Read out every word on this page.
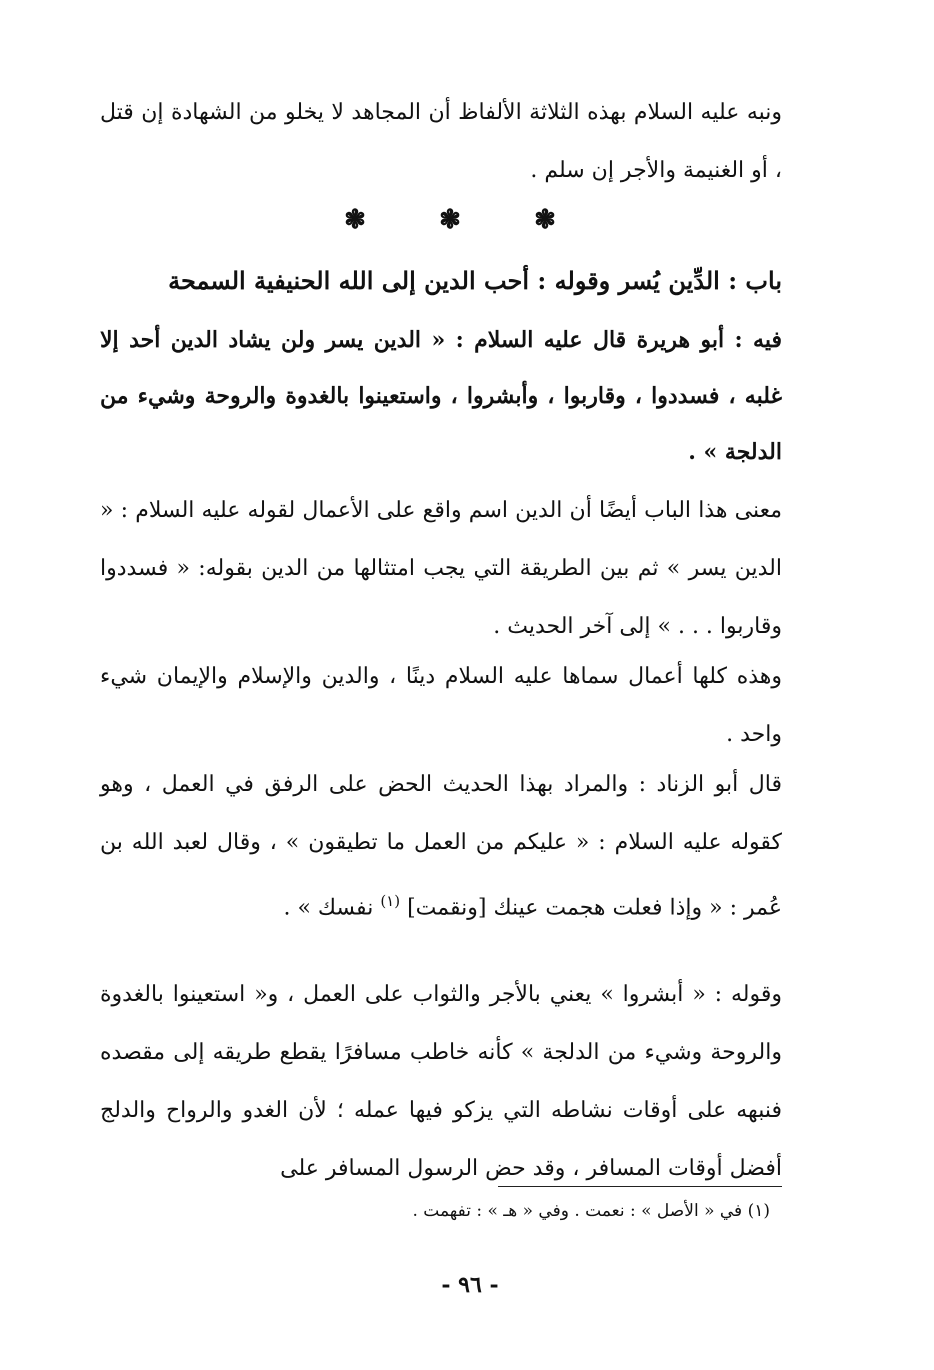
ونبه عليه السلام بهذه الثلاثة الألفاظ أن المجاهد لا يخلو من الشهادة إن قتل ، أو الغنيمة والأجر إن سلم .

❃	❃	❃
باب : الدِّين يُسر وقوله : أحب الدين إلى الله الحنيفية السمحة

فيه : أبو هريرة قال عليه السلام : « الدين يسر ولن يشاد الدين أحد إلا غلبه ، فسددوا ، وقاربوا ، وأبشروا ، واستعينوا بالغدوة والروحة وشيء من الدلجة » .

معنى هذا الباب أيضًا أن الدين اسم واقع على الأعمال لقوله عليه السلام : « الدين يسر » ثم بين الطريقة التي يجب امتثالها من الدين بقوله: « فسددوا وقاربوا . . . » إلى آخر الحديث .

وهذه كلها أعمال سماها عليه السلام دينًا ، والدين والإسلام والإيمان شيء واحد .

قال أبو الزناد : والمراد بهذا الحديث الحض على الرفق في العمل ، وهو كقوله عليه السلام : « عليكم من العمل ما تطيقون » ، وقال لعبد الله بن عُمر : « وإذا فعلت هجمت عينك [ونقمت] $^{(١)}$ نفسك » .

وقوله : « أبشروا » يعني بالأجر والثواب على العمل ، و« استعينوا بالغدوة والروحة وشيء من الدلجة » كأنه خاطب مسافرًا يقطع طريقه إلى مقصده فنبهه على أوقات نشاطه التي يزكو فيها عمله ؛ لأن الغدو والرواح والدلج أفضل أوقات المسافر ، وقد حض الرسول المسافر على

(١) في « الأصل » : نعمت . وفي « هـ » : تفهمت .
- ٩٦ -
